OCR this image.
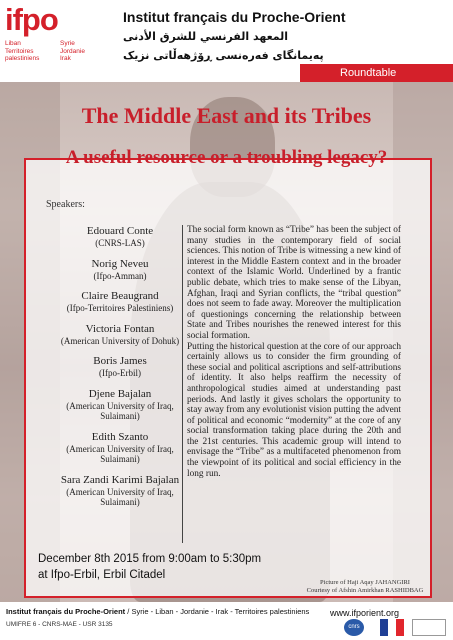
ifpo
Liban
Territoires
palestiniens
Syrie
Jordanie
Irak
Institut français du Proche-Orient
المعهد الفرنسي للشرق الأدنى
پەیمانگای فەرەنسی ڕۆژهەڵاتی نزیک
Roundtable
The Middle East and its Tribes
A useful resource or a troubling legacy?
Speakers:
Edouard Conte
(CNRS-LAS)
Norig Neveu
(Ifpo-Amman)
Claire Beaugrand
(Ifpo-Territoires Palestiniens)
Victoria Fontan
(American University of Dohuk)
Boris James
(Ifpo-Erbil)
Djene Bajalan
(American University of Iraq, Sulaimani)
Edith Szanto
(American University of Iraq, Sulaimani)
Sara Zandi Karimi Bajalan
(American University of Iraq, Sulaimani)

The social form known as “Tribe” has been the subject of many studies in the contemporary field of social sciences. This notion of Tribe is witnessing a new kind of interest in the Middle Eastern context and in the broader context of the Islamic World. Underlined by a frantic public debate, which tries to make sense of the Libyan, Afghan, Iraqi and Syrian conflicts, the “tribal question” does not seem to fade away. Moreover the multiplication of questionings concerning the relationship between State and Tribes nourishes the renewed interest for this social formation.

Putting the historical question at the core of our approach certainly allows us to consider the firm grounding of these social and political ascriptions and self-attributions of identity. It also helps reaffirm the necessity of anthropological studies aimed at understanding past periods. And lastly it gives scholars the opportunity to stay away from any evolutionist vision putting the advent of political and economic “modernity” at the core of any social transformation taking place during the 20th and the 21st centuries. This academic group will intend to envisage the “Tribe” as a multifaceted phenomenon from the viewpoint of its political and social efficiency in the long run.

December 8th 2015 from 9:00am to 5:30pm
at Ifpo-Erbil, Erbil Citadel
Picture of Haji Aqay JAHANGIRI
Courtesy of Afshin Amirkhan RASHIDBAG
Institut français du Proche-Orient / Syrie - Liban - Jordanie - Irak - Territoires palestiniens
UMIFRE 6 - CNRS-MAE - USR 3135
www.ifporient.org
cnrs
